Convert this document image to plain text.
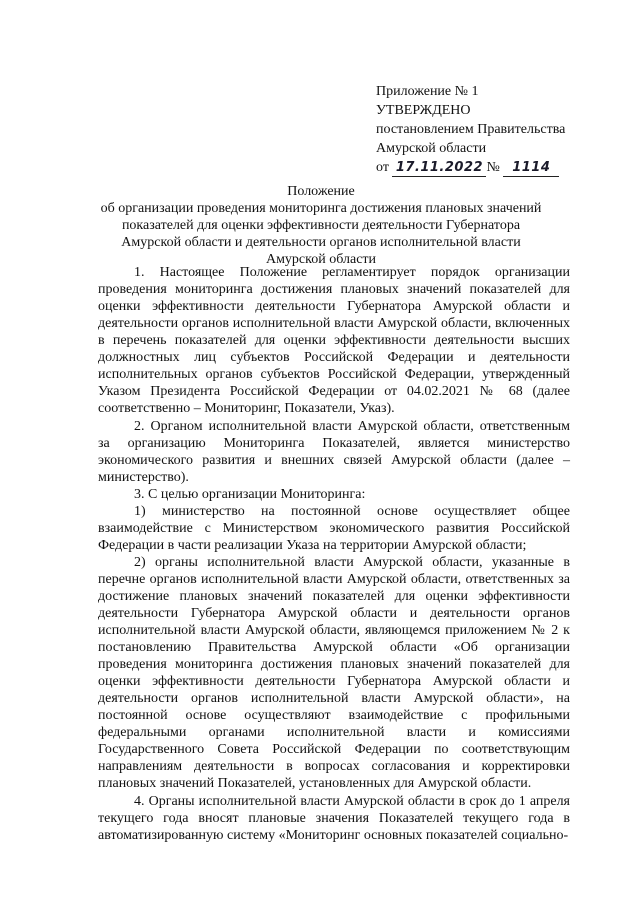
Приложение № 1
УТВЕРЖДЕНО
постановлением Правительства
Амурской области
от 17.11.2022 № 1114
Положение
об организации проведения мониторинга достижения плановых значений показателей для оценки эффективности деятельности Губернатора Амурской области и деятельности органов исполнительной власти Амурской области

1. Настоящее Положение регламентирует порядок организации проведения мониторинга достижения плановых значений показателей для оценки эффективности деятельности Губернатора Амурской области и деятельности органов исполнительной власти Амурской области, включенных в перечень показателей для оценки эффективности деятельности высших должностных лиц субъектов Российской Федерации и деятельности исполнительных органов субъектов Российской Федерации, утвержденный Указом Президента Российской Федерации от 04.02.2021 № 68 (далее соответственно – Мониторинг, Показатели, Указ).

2. Органом исполнительной власти Амурской области, ответственным за организацию Мониторинга Показателей, является министерство экономического развития и внешних связей Амурской области (далее – министерство).

3. С целью организации Мониторинга:

1) министерство на постоянной основе осуществляет общее взаимодействие с Министерством экономического развития Российской Федерации в части реализации Указа на территории Амурской области;

2) органы исполнительной власти Амурской области, указанные в перечне органов исполнительной власти Амурской области, ответственных за достижение плановых значений показателей для оценки эффективности деятельности Губернатора Амурской области и деятельности органов исполнительной власти Амурской области, являющемся приложением № 2 к постановлению Правительства Амурской области «Об организации проведения мониторинга достижения плановых значений показателей для оценки эффективности деятельности Губернатора Амурской области и деятельности органов исполнительной власти Амурской области», на постоянной основе осуществляют взаимодействие с профильными федеральными органами исполнительной власти и комиссиями Государственного Совета Российской Федерации по соответствующим направлениям деятельности в вопросах согласования и корректировки плановых значений Показателей, установленных для Амурской области.

4. Органы исполнительной власти Амурской области в срок до 1 апреля текущего года вносят плановые значения Показателей текущего года в автоматизированную систему «Мониторинг основных показателей социально-
